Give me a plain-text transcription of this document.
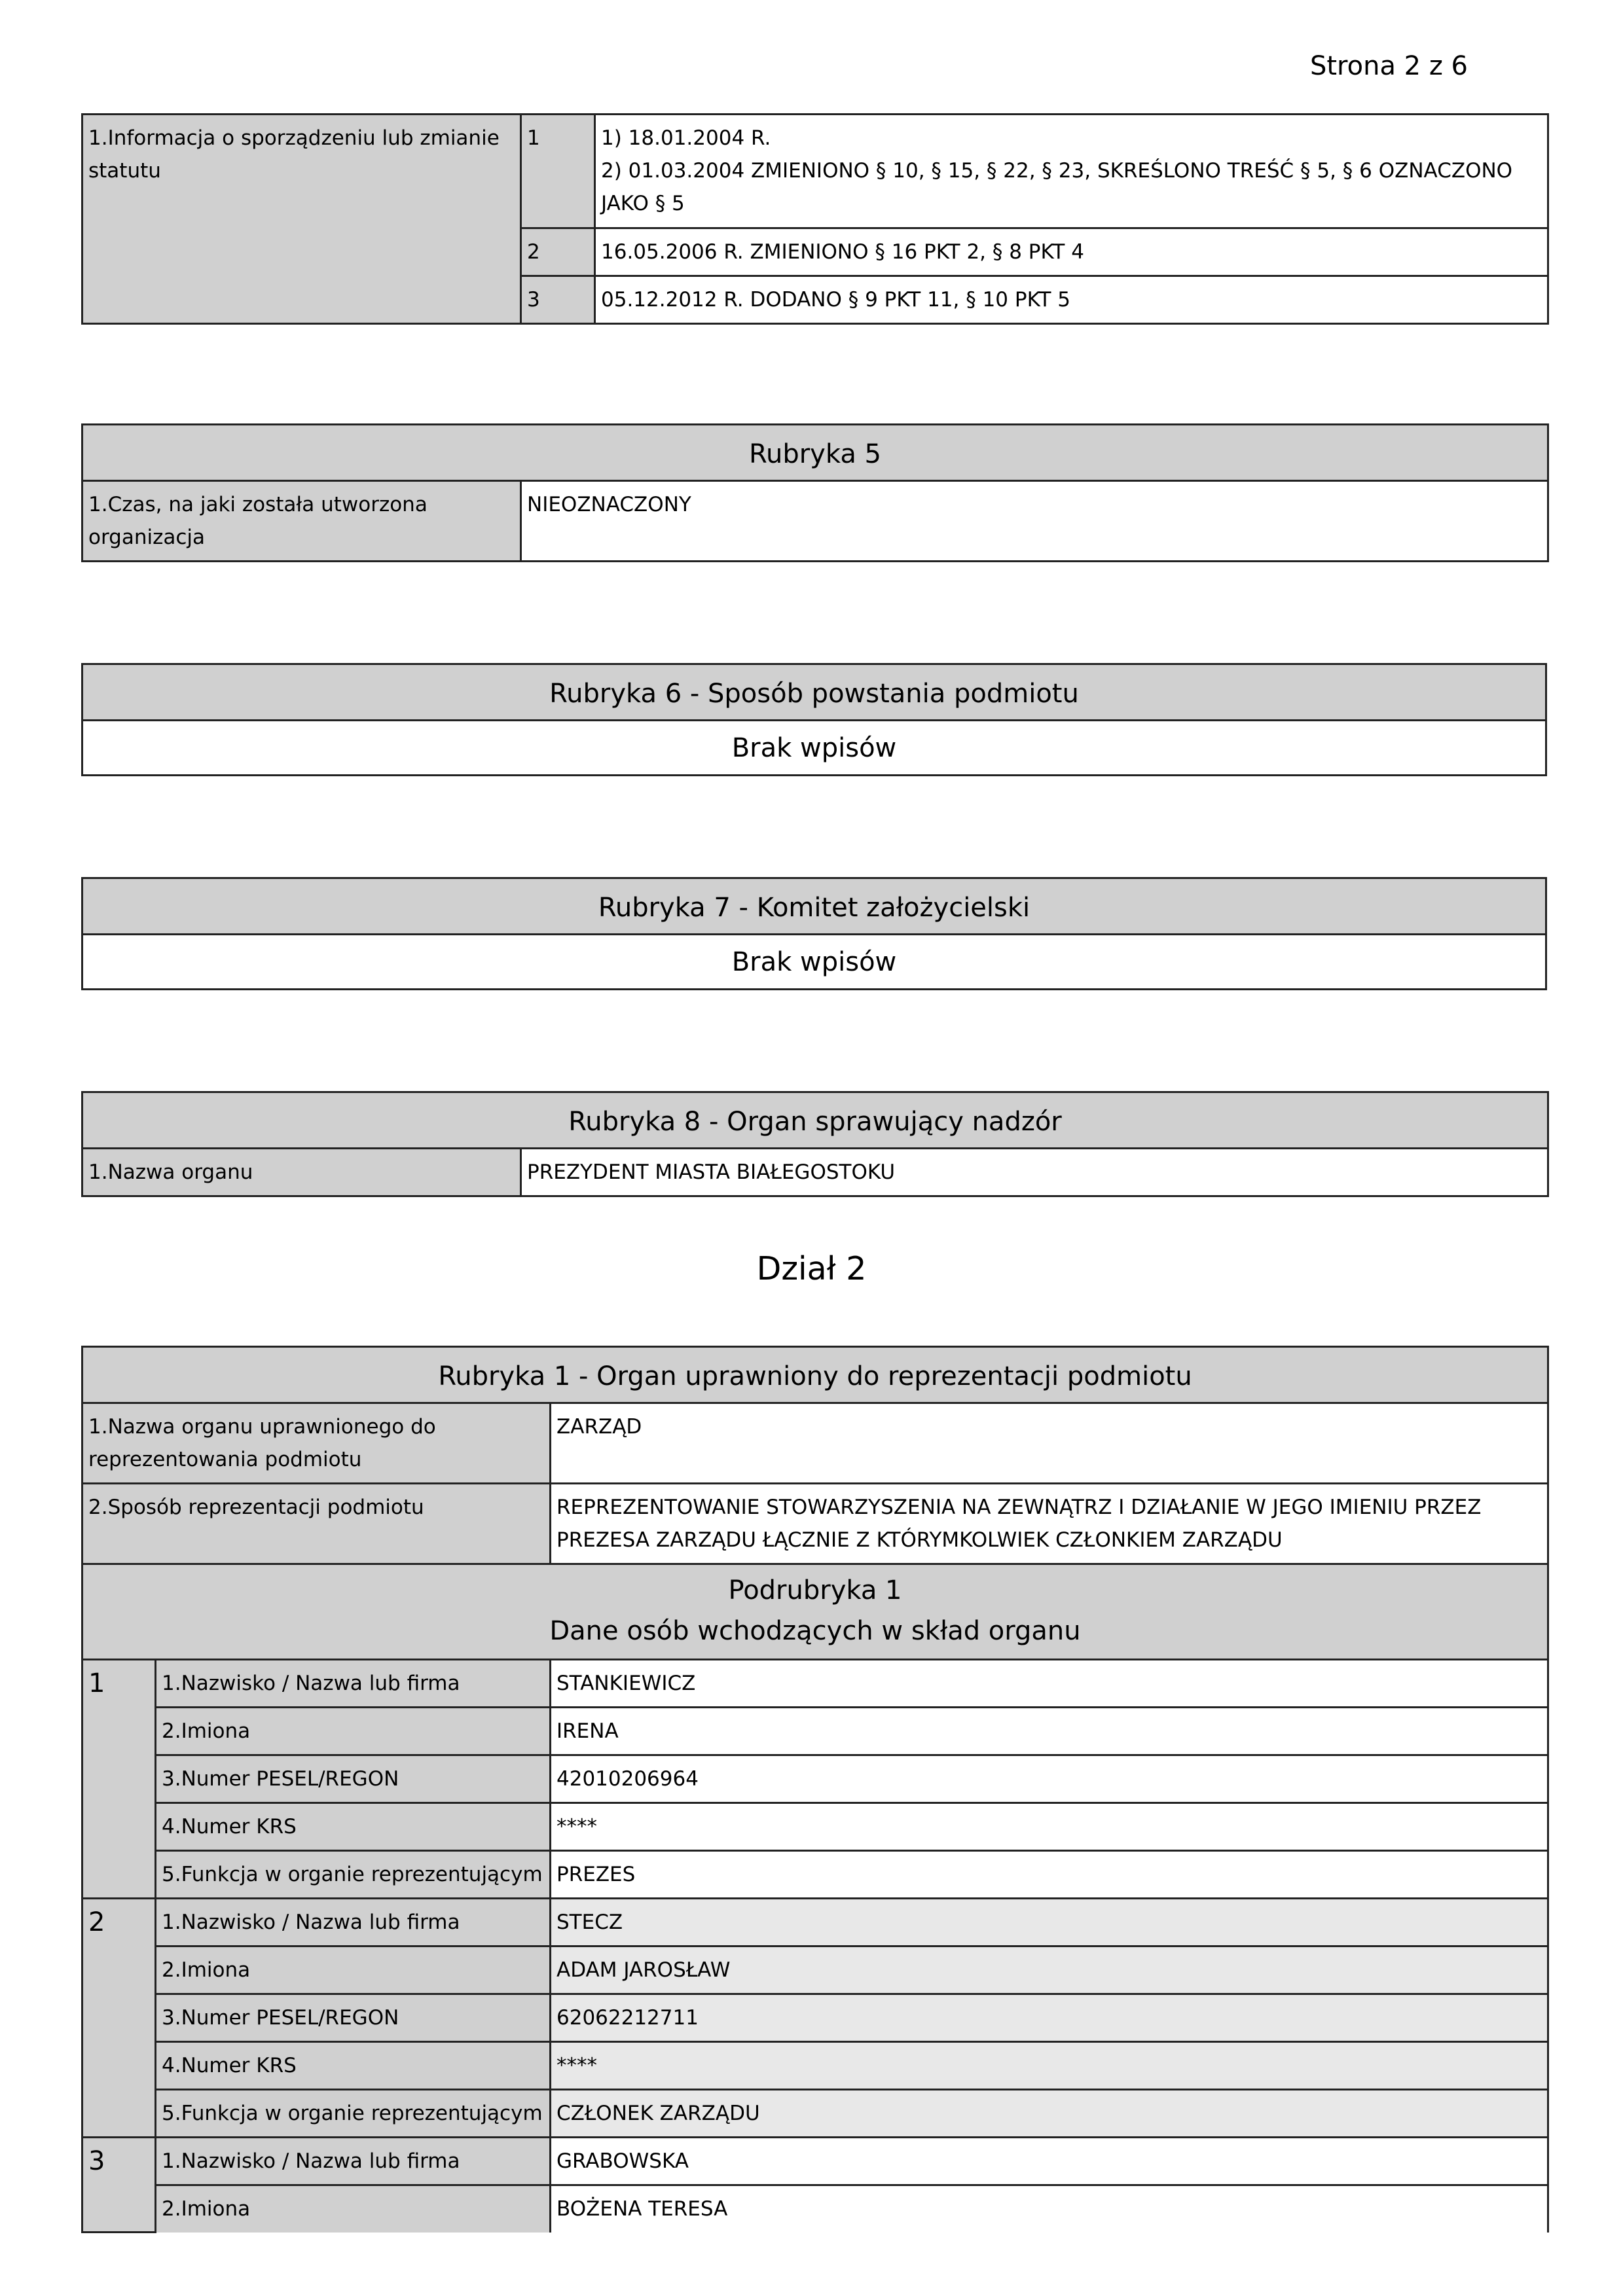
Strona 2 z 6
1.Informacja o sporządzeniu lub zmianie statutu	1	1) 18.01.2004 R.
2) 01.03.2004 ZMIENIONO § 10, § 15, § 22, § 23, SKREŚLONO TREŚĆ § 5, § 6 OZNACZONO JAKO § 5

	2	16.05.2006 R. ZMIENIONO § 16 PKT 2, § 8 PKT 4
	3	05.12.2012 R. DODANO § 9 PKT 11, § 10 PKT 5
Rubryka 5
1.Czas, na jaki została utworzona organizacja	NIEOZNACZONY
Rubryka 6 - Sposób powstania podmiotu
Brak wpisów
Rubryka 7 - Komitet założycielski
Brak wpisów
Rubryka 8 - Organ sprawujący nadzór
1.Nazwa organu	PREZYDENT MIASTA BIAŁEGOSTOKU
Dział 2
Rubryka 1 - Organ uprawniony do reprezentacji podmiotu		
1.Nazwa organu uprawnionego do reprezentowania podmiotu		ZARZĄD
2.Sposób reprezentacji podmiotu		REPREZENTOWANIE STOWARZYSZENIA NA ZEWNĄTRZ I DZIAŁANIE W JEGO IMIENIU PRZEZ PREZESA ZARZĄDU ŁĄCZNIE Z KTÓRYMKOLWIEK CZŁONKIEM ZARZĄDU

Podrubryka 1
Dane osób wchodzących w skład organu		

1	1.Nazwisko / Nazwa lub firma	STANKIEWICZ
	2.Imiona	IRENA
	3.Numer PESEL/REGON	42010206964
	4.Numer KRS	****
	5.Funkcja w organie reprezentującym	PREZES
2	1.Nazwisko / Nazwa lub firma	STECZ
	2.Imiona	ADAM JAROSŁAW
	3.Numer PESEL/REGON	62062212711
	4.Numer KRS	****
	5.Funkcja w organie reprezentującym	CZŁONEK ZARZĄDU
3	1.Nazwisko / Nazwa lub firma	GRABOWSKA
	2.Imiona	BOŻENA TERESA
